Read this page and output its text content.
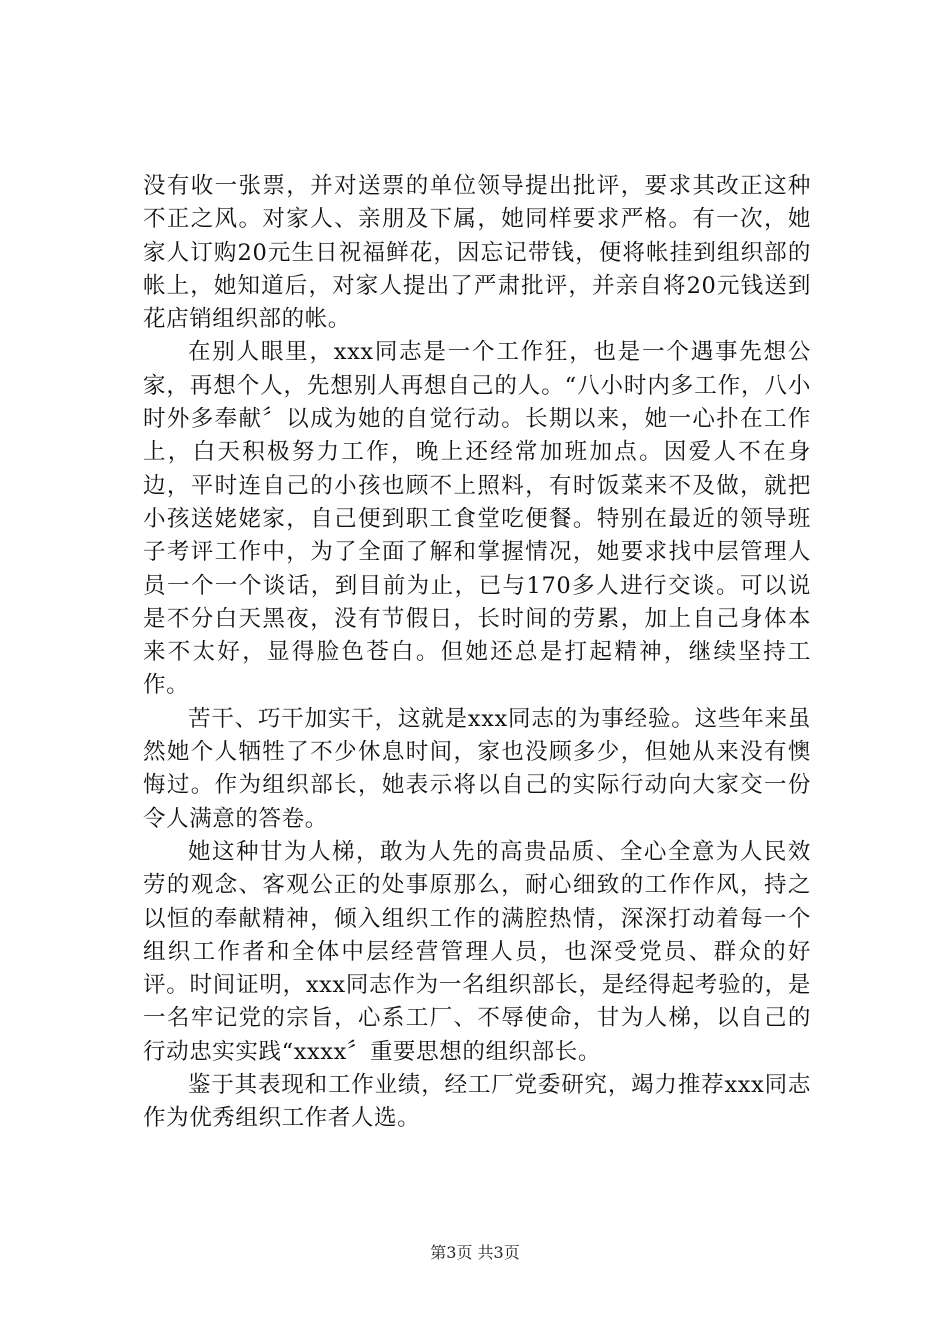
没有收一张票，并对送票的单位领导提出批评，要求其改正这种不正之风。对家人、亲朋及下属，她同样要求严格。有一次，她家人订购20元生日祝福鲜花，因忘记带钱，便将帐挂到组织部的帐上，她知道后，对家人提出了严肃批评，并亲自将20元钱送到花店销组织部的帐。

在别人眼里，xxx同志是一个工作狂，也是一个遇事先想公家，再想个人，先想别人再想自己的人。“八小时内多工作，八小时外多奉献〞以成为她的自觉行动。长期以来，她一心扑在工作上，白天积极努力工作，晚上还经常加班加点。因爱人不在身边，平时连自己的小孩也顾不上照料，有时饭菜来不及做，就把小孩送姥姥家，自己便到职工食堂吃便餐。特别在最近的领导班子考评工作中，为了全面了解和掌握情况，她要求找中层管理人员一个一个谈话，到目前为止，已与170多人进行交谈。可以说是不分白天黑夜，没有节假日，长时间的劳累，加上自己身体本来不太好，显得脸色苍白。但她还总是打起精神，继续坚持工作。

苦干、巧干加实干，这就是xxx同志的为事经验。这些年来虽然她个人牺牲了不少休息时间，家也没顾多少，但她从来没有懊悔过。作为组织部长，她表示将以自己的实际行动向大家交一份令人满意的答卷。

她这种甘为人梯，敢为人先的高贵品质、全心全意为人民效劳的观念、客观公正的处事原那么，耐心细致的工作作风，持之以恒的奉献精神，倾入组织工作的满腔热情，深深打动着每一个组织工作者和全体中层经营管理人员，也深受党员、群众的好评。时间证明，xxx同志作为一名组织部长，是经得起考验的，是一名牢记党的宗旨，心系工厂、不辱使命，甘为人梯，以自己的行动忠实实践“xxxx〞重要思想的组织部长。

鉴于其表现和工作业绩，经工厂党委研究，竭力推荐xxx同志作为优秀组织工作者人选。

第3页 共3页
